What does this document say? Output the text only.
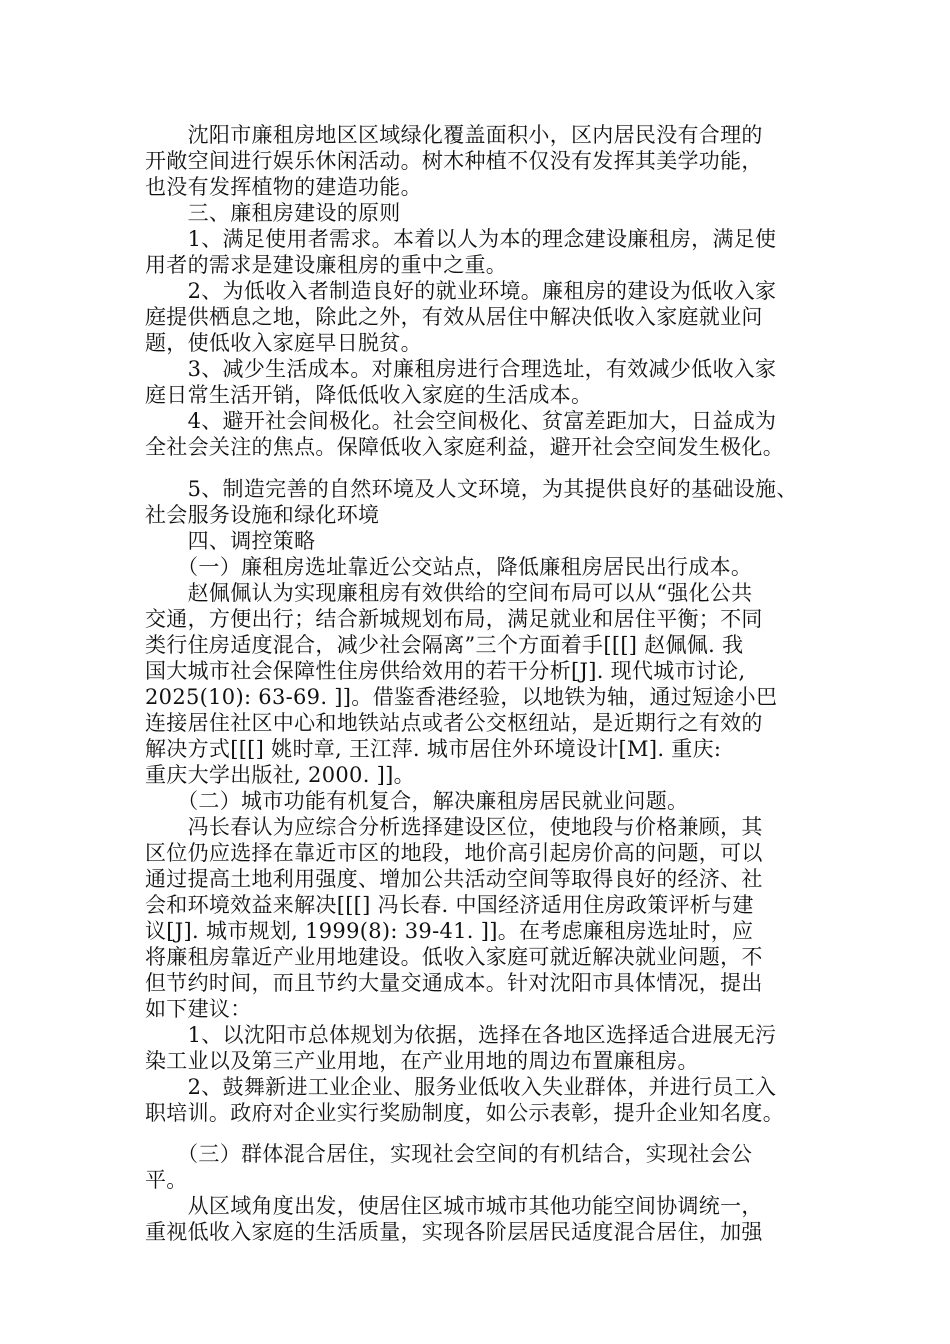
　　沈阳市廉租房地区区域绿化覆盖面积小，区内居民没有合理的
开敞空间进行娱乐休闲活动。树木种植不仅没有发挥其美学功能，
也没有发挥植物的建造功能。
　　三、廉租房建设的原则
　　1、满足使用者需求。本着以人为本的理念建设廉租房，满足使
用者的需求是建设廉租房的重中之重。
　　2、为低收入者制造良好的就业环境。廉租房的建设为低收入家
庭提供栖息之地，除此之外，有效从居住中解决低收入家庭就业问
题，使低收入家庭早日脱贫。
　　3、减少生活成本。对廉租房进行合理选址，有效减少低收入家
庭日常生活开销，降低低收入家庭的生活成本。
　　4、避开社会间极化。社会空间极化、贫富差距加大，日益成为
全社会关注的焦点。保障低收入家庭利益，避开社会空间发生极化。
　　5、制造完善的自然环境及人文环境，为其提供良好的基础设施、
社会服务设施和绿化环境
　　四、调控策略
　　（一）廉租房选址靠近公交站点，降低廉租房居民出行成本。
　　赵佩佩认为实现廉租房有效供给的空间布局可以从“强化公共
交通，方便出行；结合新城规划布局，满足就业和居住平衡；不同
类行住房适度混合，减少社会隔离”三个方面着手[[[] 赵佩佩. 我
国大城市社会保障性住房供给效用的若干分析[J]. 现代城市讨论,
2025(10): 63-69. ]]。借鉴香港经验，以地铁为轴，通过短途小巴
连接居住社区中心和地铁站点或者公交枢纽站，是近期行之有效的
解决方式[[[] 姚时章, 王江萍. 城市居住外环境设计[M]. 重庆:
重庆大学出版社, 2000. ]]。
　　（二）城市功能有机复合，解决廉租房居民就业问题。
　　冯长春认为应综合分析选择建设区位，使地段与价格兼顾，其
区位仍应选择在靠近市区的地段，地价高引起房价高的问题，可以
通过提高土地利用强度、增加公共活动空间等取得良好的经济、社
会和环境效益来解决[[[] 冯长春. 中国经济适用住房政策评析与建
议[J]. 城市规划, 1999(8): 39-41. ]]。在考虑廉租房选址时，应
将廉租房靠近产业用地建设。低收入家庭可就近解决就业问题，不
但节约时间，而且节约大量交通成本。针对沈阳市具体情况，提出
如下建议：
　　1、以沈阳市总体规划为依据，选择在各地区选择适合进展无污
染工业以及第三产业用地，在产业用地的周边布置廉租房。
　　2、鼓舞新进工业企业、服务业低收入失业群体，并进行员工入
职培训。政府对企业实行奖励制度，如公示表彰，提升企业知名度。
　　（三）群体混合居住，实现社会空间的有机结合，实现社会公
平。
　　从区域角度出发，使居住区城市城市其他功能空间协调统一，
重视低收入家庭的生活质量，实现各阶层居民适度混合居住，加强
